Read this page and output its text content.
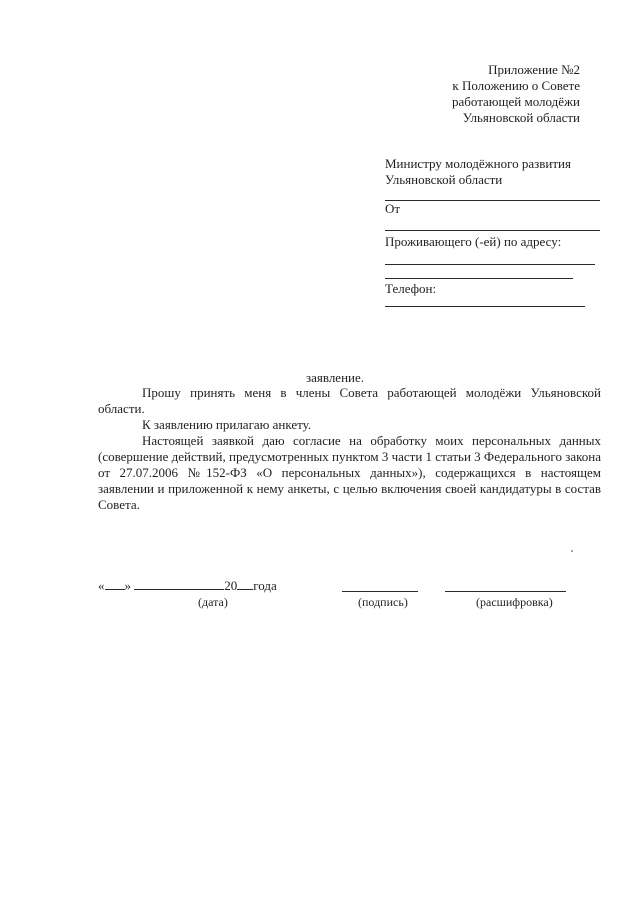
Приложение №2
к Положению о Совете
работающей молодёжи
Ульяновской области
Министру молодёжного развития
Ульяновской области
От
Проживающего (-ей) по адресу:
Телефон:
заявление.

Прошу принять меня в члены Совета работающей молодёжи Ульяновской области.

К заявлению прилагаю анкету.

Настоящей заявкой даю согласие на обработку моих персональных данных (совершение действий, предусмотренных пунктом 3 части 1 статьи 3 Федерального закона от 27.07.2006 №152-ФЗ «О персональных данных»), содержащихся в настоящем заявлении и приложенной к нему анкеты, с целью включения своей кандидатуры в состав Совета.

« »	20 года
(дата)	(подпись)	(расшифровка)
